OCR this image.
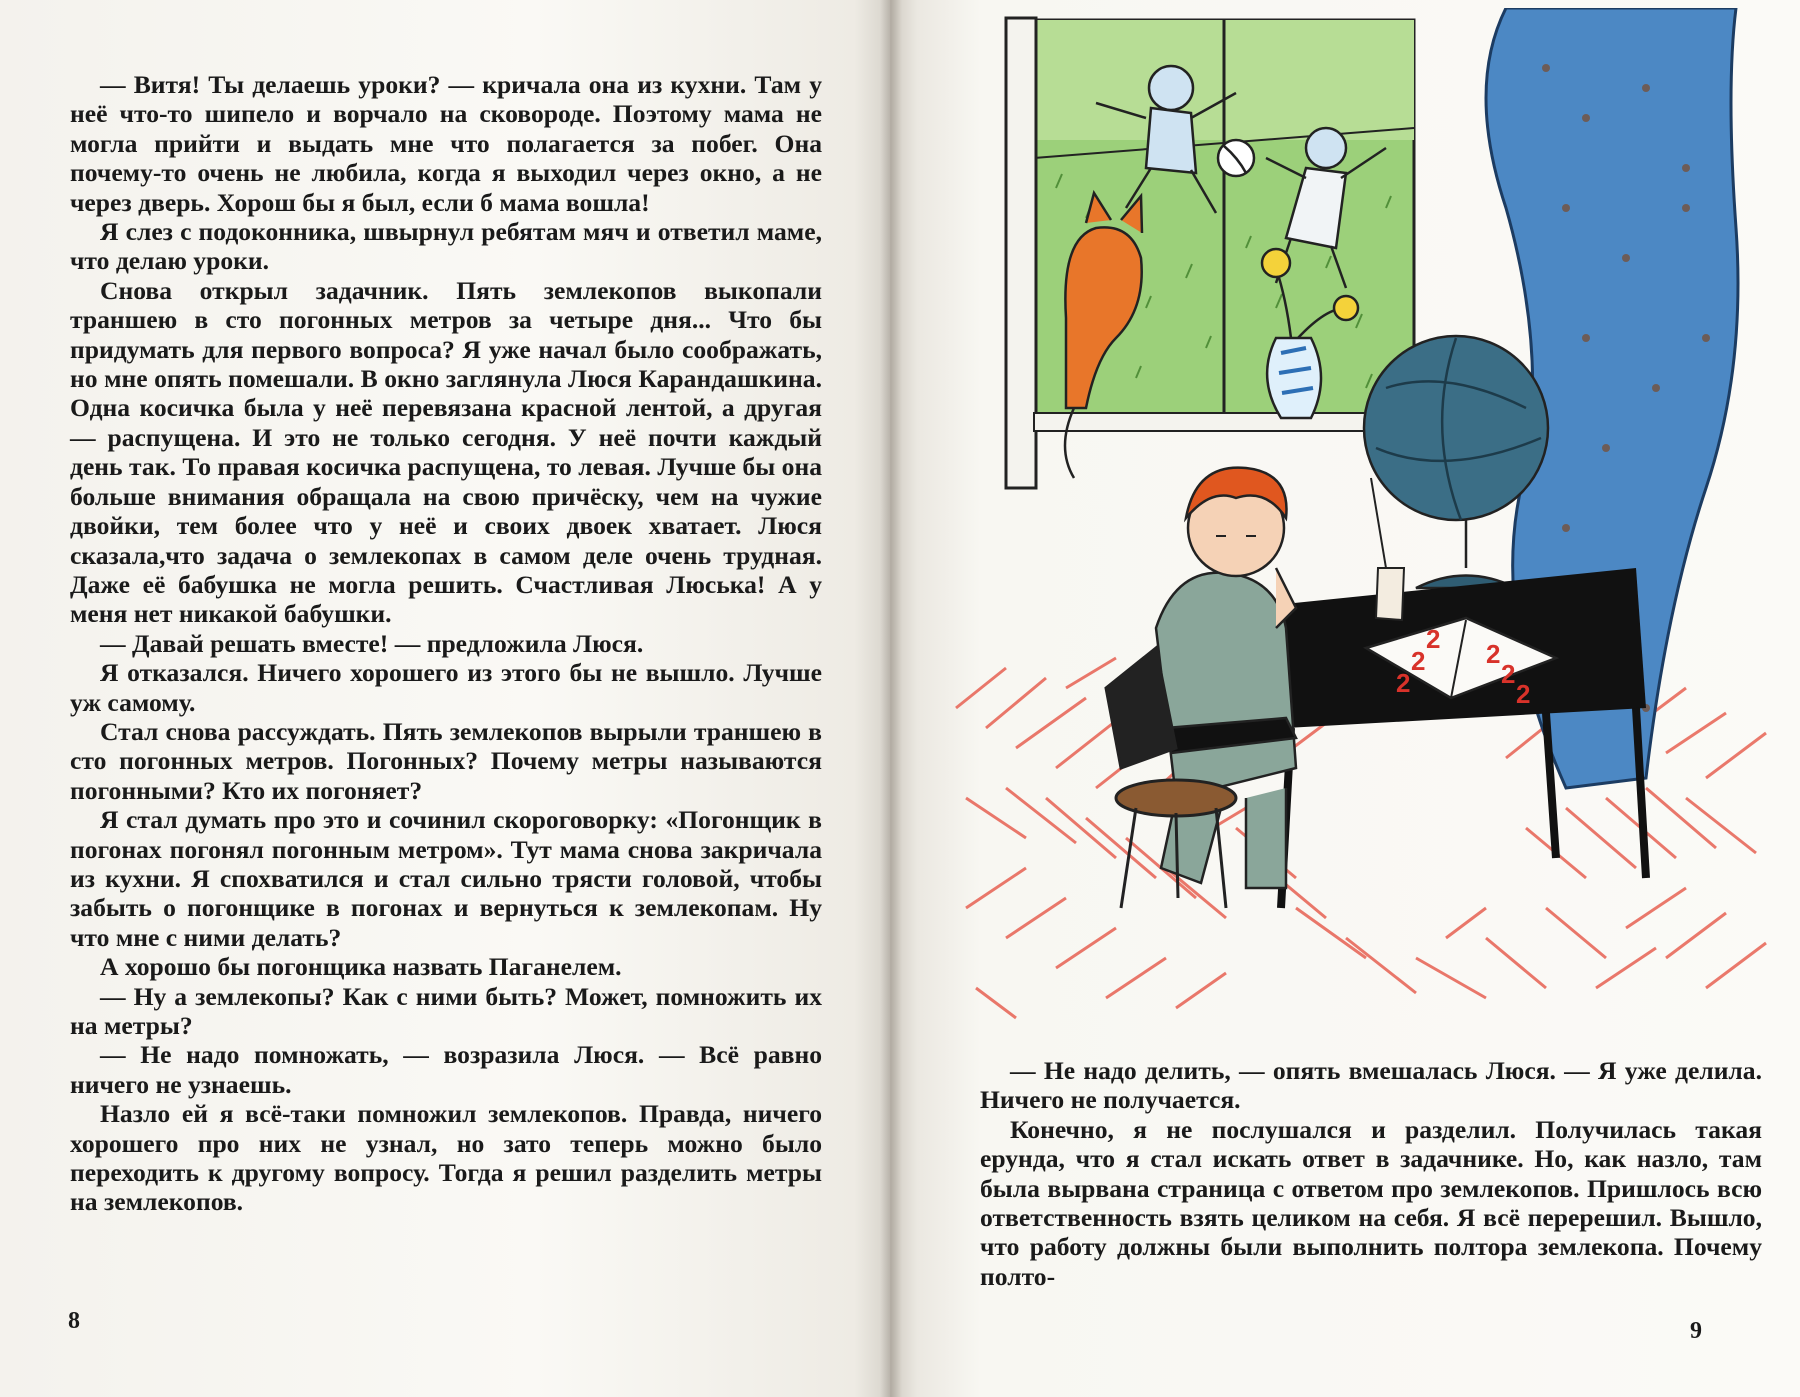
— Витя! Ты делаешь уроки? — кричала она из кухни. Там у неё что-то шипело и ворчало на сковороде. Поэтому мама не могла прийти и выдать мне что полагается за побег. Она почему-то очень не любила, когда я выходил через окно, а не через дверь. Хорош бы я был, если б мама вошла!

Я слез с подоконника, швырнул ребятам мяч и ответил маме, что делаю уроки.

Снова открыл задачник. Пять землекопов выкопали траншею в сто погонных метров за четыре дня... Что бы придумать для первого вопроса? Я уже начал было соображать, но мне опять помешали. В окно заглянула Люся Карандашкина. Одна косичка была у неё перевязана красной лентой, а другая — распущена. И это не только сегодня. У неё почти каждый день так. То правая косичка распущена, то левая. Лучше бы она больше внимания обращала на свою причёску, чем на чужие двойки, тем более что у неё и своих двоек хватает. Люся сказала,что задача о землекопах в самом деле очень трудная. Даже её бабушка не могла решить. Счастливая Люська! А у меня нет никакой бабушки.

— Давай решать вместе! — предложила Люся.

Я отказался. Ничего хорошего из этого бы не вышло. Лучше уж самому.

Стал снова рассуждать. Пять землекопов вырыли траншею в сто погонных метров. Погонных? Почему метры называются погонными? Кто их погоняет?

Я стал думать про это и сочинил скороговорку: «Погонщик в погонах погонял погонным метром». Тут мама снова закричала из кухни. Я спохватился и стал сильно трясти головой, чтобы забыть о погонщике в погонах и вернуться к землекопам. Ну что мне с ними делать?

А хорошо бы погонщика назвать Паганелем.

— Ну а землекопы? Как с ними быть? Может, помножить их на метры?

— Не надо помножать, — возразила Люся. — Всё равно ничего не узнаешь.

Назло ей я всё-таки помножил землекопов. Правда, ничего хорошего про них не узнал, но зато теперь можно было переходить к другому вопросу. Тогда я решил разделить метры на землекопов.

8
2
2
2
2
2
2

— Не надо делить, — опять вмешалась Люся. — Я уже делила. Ничего не получается.

Конечно, я не послушался и разделил. Получилась такая ерунда, что я стал искать ответ в задачнике. Но, как назло, там была вырвана страница с ответом про землекопов. Пришлось всю ответственность взять целиком на себя. Я всё перерешил. Вышло, что работу должны были выполнить полтора землекопа. Почему полто-

9
